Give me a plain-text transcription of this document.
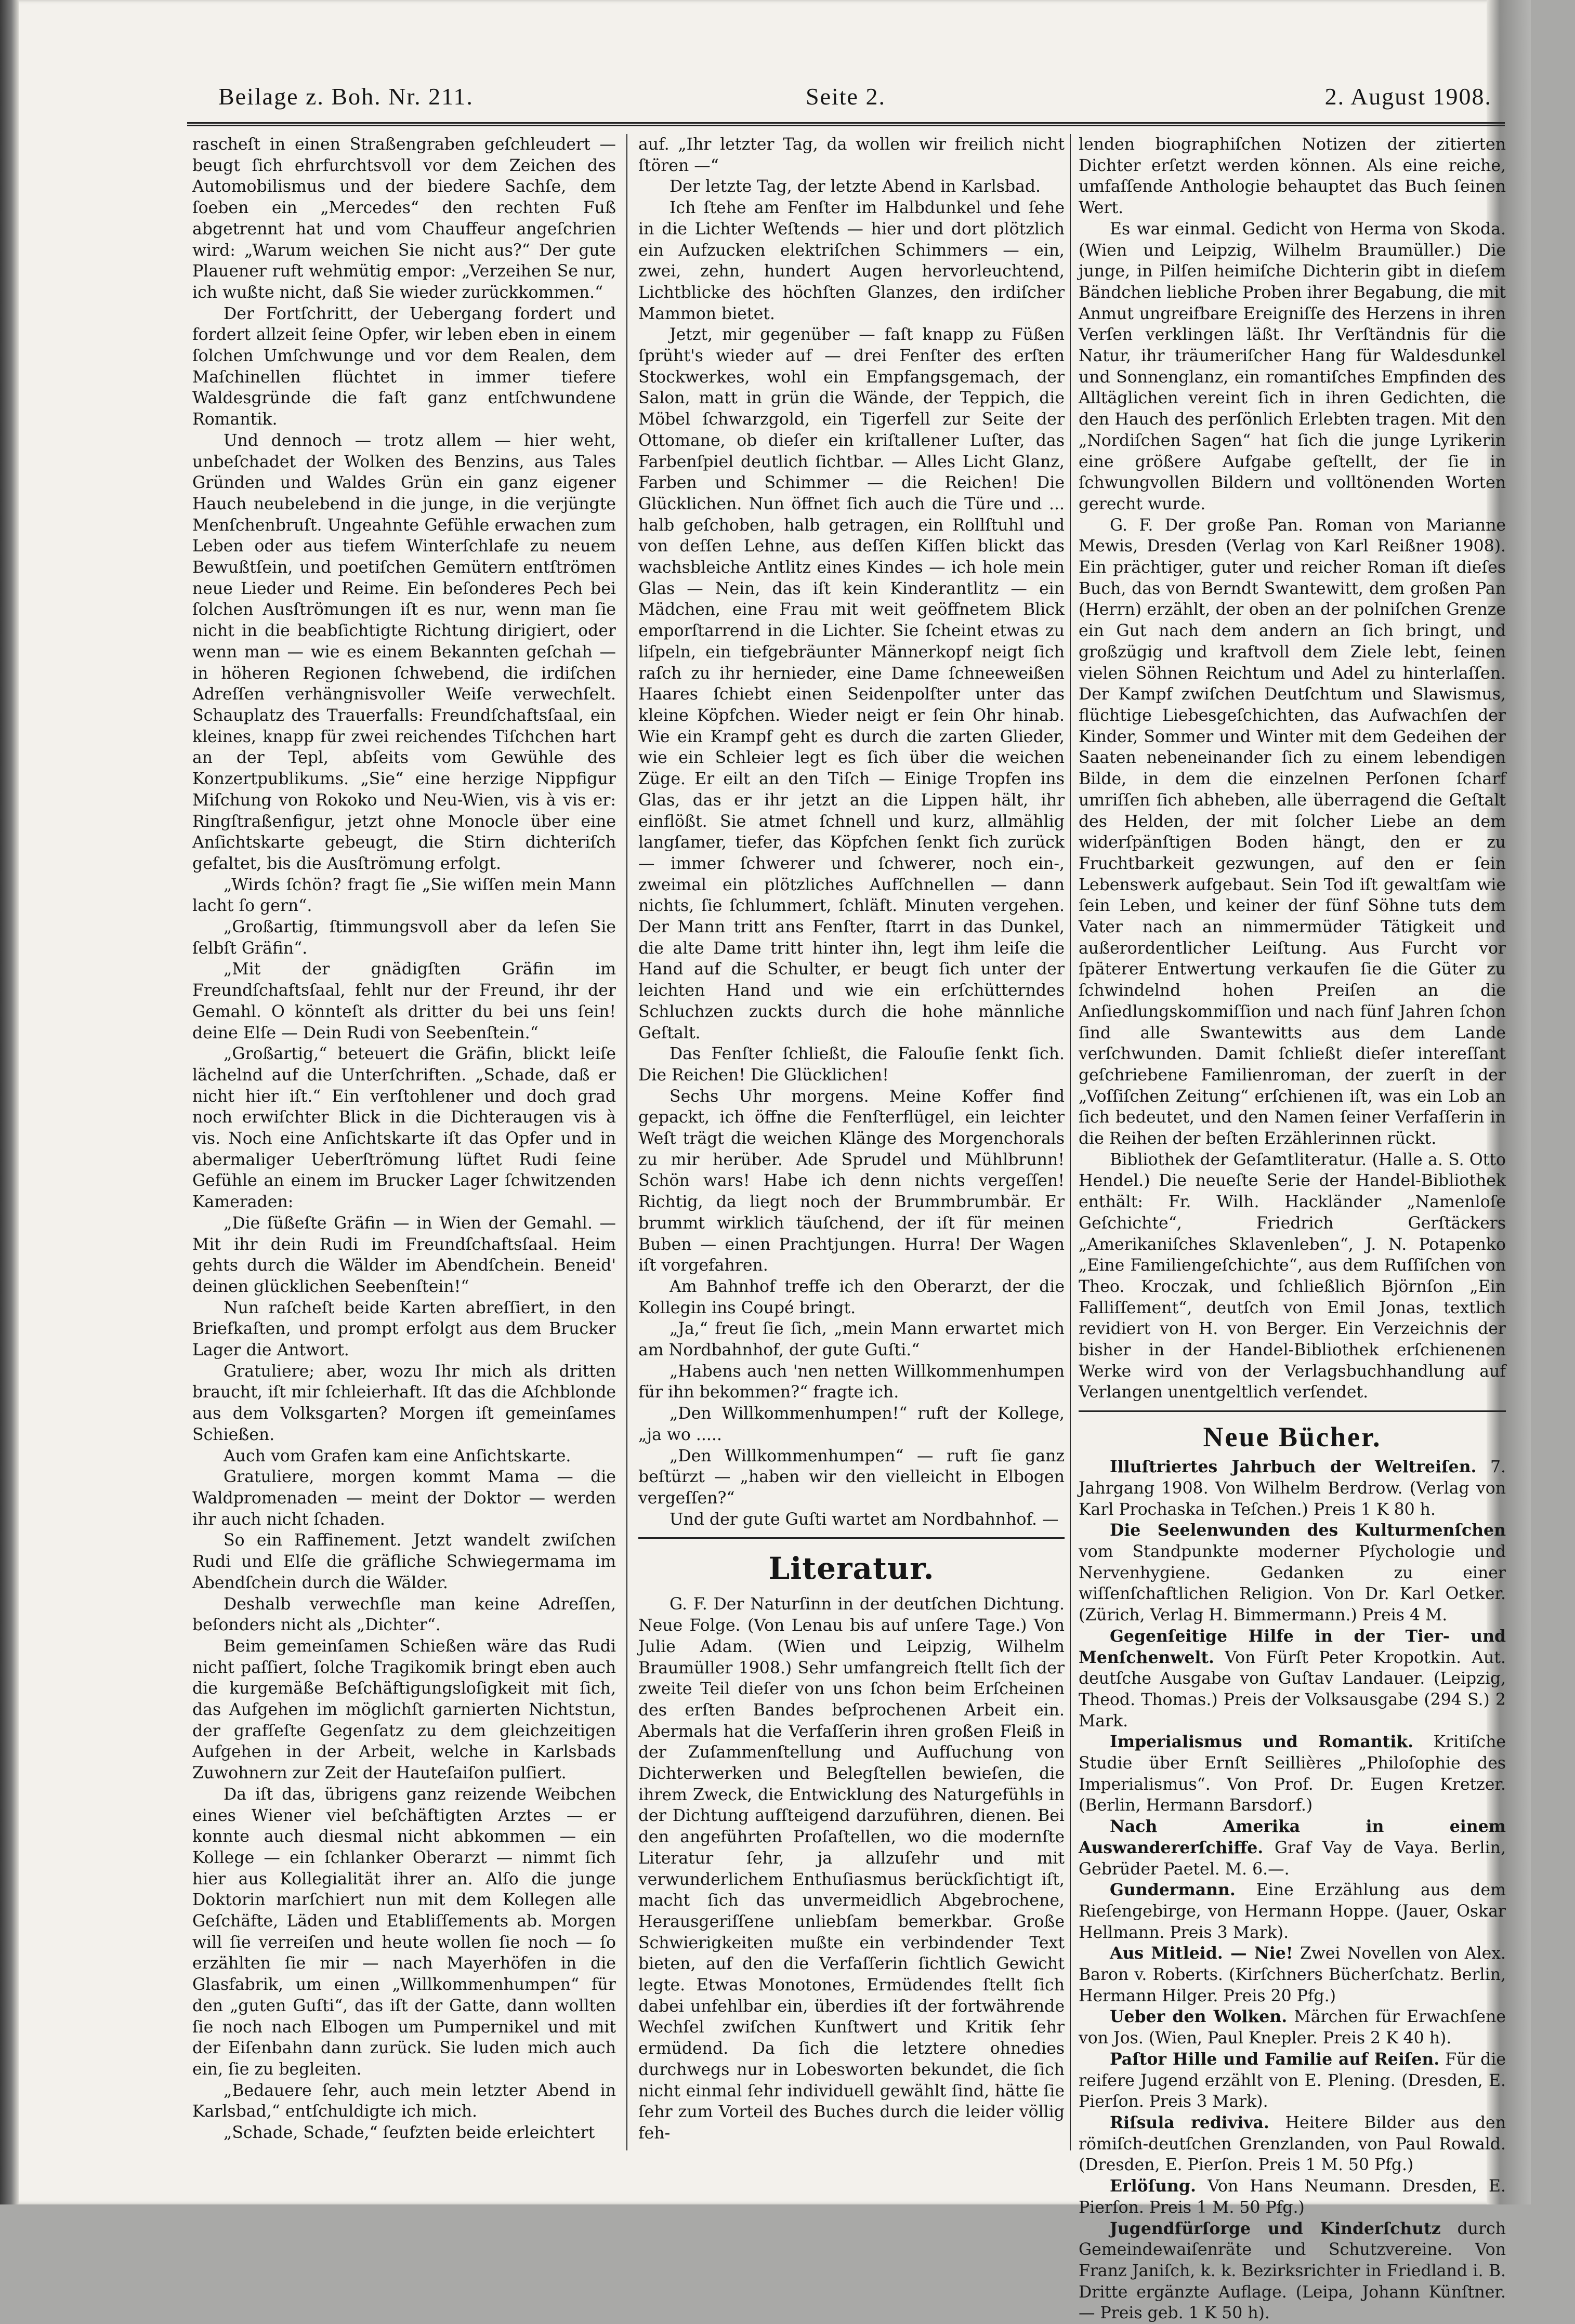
Beilage z. Boh. Nr. 211.	Seite 2.	2. August 1908.

rascheſt in einen Straßengraben geſchleudert — beugt ſich ehrfurchtsvoll vor dem Zeichen des Automobilismus und der biedere Sachſe, dem ſoeben ein „Mercedes“ den rechten Fuß abgetrennt hat und vom Chauffeur angeſchrien wird: „Warum weichen Sie nicht aus?“ Der gute Plauener ruft wehmütig empor: „Verzeihen Se nur, ich wußte nicht, daß Sie wieder zurückkommen.“

Der Fortſchritt, der Uebergang fordert und fordert allzeit ſeine Opfer, wir leben eben in einem ſolchen Umſchwunge und vor dem Realen, dem Maſchinellen flüchtet in immer tiefere Waldesgründe die faſt ganz entſchwundene Romantik.

Und dennoch — trotz allem — hier weht, unbeſchadet der Wolken des Benzins, aus Tales Gründen und Waldes Grün ein ganz eigener Hauch neubelebend in die junge, in die verjüngte Menſchenbruſt. Ungeahnte Gefühle erwachen zum Leben oder aus tiefem Winterſchlafe zu neuem Bewußtſein, und poetiſchen Gemütern entſtrömen neue Lieder und Reime. Ein beſonderes Pech bei ſolchen Ausſtrömungen iſt es nur, wenn man ſie nicht in die beabſichtigte Richtung dirigiert, oder wenn man — wie es einem Bekannten geſchah — in höheren Regionen ſchwebend, die irdiſchen Adreſſen verhängnisvoller Weiſe verwechſelt. Schauplatz des Trauerfalls: Freundſchaftsſaal, ein kleines, knapp für zwei reichendes Tiſchchen hart an der Tepl, abſeits vom Gewühle des Konzertpublikums. „Sie“ eine herzige Nippfigur Miſchung von Rokoko und Neu-Wien, vis à vis er: Ringſtraßenfigur, jetzt ohne Monocle über eine Anſichtskarte gebeugt, die Stirn dichteriſch gefaltet, bis die Ausſtrömung erfolgt.

„Wirds ſchön? fragt ſie „Sie wiſſen mein Mann lacht ſo gern“.

„Großartig, ſtimmungsvoll aber da leſen Sie ſelbſt Gräfin“.

„Mit der gnädigſten Gräfin im Freundſchaftsſaal, fehlt nur der Freund, ihr der Gemahl. O könnteſt als dritter du bei uns ſein! deine Elſe — Dein Rudi von Seebenſtein.“

„Großartig,“ beteuert die Gräfin, blickt leiſe lächelnd auf die Unterſchriften. „Schade, daß er nicht hier iſt.“ Ein verſtohlener und doch grad noch erwiſchter Blick in die Dichteraugen vis à vis. Noch eine Anſichtskarte iſt das Opfer und in abermaliger Ueberſtrömung lüftet Rudi ſeine Gefühle an einem im Brucker Lager ſchwitzenden Kameraden:

„Die ſüßeſte Gräfin — in Wien der Gemahl. — Mit ihr dein Rudi im Freundſchaftsſaal. Heim gehts durch die Wälder im Abendſchein. Beneid' deinen glücklichen Seebenſtein!“

Nun raſcheſt beide Karten abreſſiert, in den Briefkaſten, und prompt erfolgt aus dem Brucker Lager die Antwort.

Gratuliere; aber, wozu Ihr mich als dritten braucht, iſt mir ſchleierhaft. Iſt das die Aſchblonde aus dem Volksgarten? Morgen iſt gemeinſames Schießen.

Auch vom Grafen kam eine Anſichtskarte.

Gratuliere, morgen kommt Mama — die Waldpromenaden — meint der Doktor — werden ihr auch nicht ſchaden.

So ein Raffinement. Jetzt wandelt zwiſchen Rudi und Elſe die gräfliche Schwiegermama im Abendſchein durch die Wälder.

Deshalb verwechſle man keine Adreſſen, beſonders nicht als „Dichter“.

Beim gemeinſamen Schießen wäre das Rudi nicht paſſiert, ſolche Tragikomik bringt eben auch die kurgemäße Beſchäftigungsloſigkeit mit ſich, das Aufgehen im möglichſt garnierten Nichtstun, der grafſeſte Gegenſatz zu dem gleichzeitigen Aufgehen in der Arbeit, welche in Karlsbads Zuwohnern zur Zeit der Hauteſaiſon pulſiert.

Da iſt das, übrigens ganz reizende Weibchen eines Wiener viel beſchäftigten Arztes — er konnte auch diesmal nicht abkommen — ein Kollege — ein ſchlanker Oberarzt — nimmt ſich hier aus Kollegialität ihrer an. Alſo die junge Doktorin marſchiert nun mit dem Kollegen alle Geſchäfte, Läden und Etabliſſements ab. Morgen will ſie verreiſen und heute wollen ſie noch — ſo erzählten ſie mir — nach Mayerhöfen in die Glasfabrik, um einen „Willkommenhumpen“ für den „guten Guſti“, das iſt der Gatte, dann wollten ſie noch nach Elbogen um Pumpernikel und mit der Eiſenbahn dann zurück. Sie luden mich auch ein, ſie zu begleiten.

„Bedauere ſehr, auch mein letzter Abend in Karlsbad,“ entſchuldigte ich mich.

„Schade, Schade,“ ſeufzten beide erleichtert

auf. „Ihr letzter Tag, da wollen wir freilich nicht ſtören —“

Der letzte Tag, der letzte Abend in Karlsbad.

Ich ſtehe am Fenſter im Halbdunkel und ſehe in die Lichter Weſtends — hier und dort plötzlich ein Aufzucken elektriſchen Schimmers — ein, zwei, zehn, hundert Augen hervorleuchtend, Lichtblicke des höchſten Glanzes, den irdiſcher Mammon bietet.

Jetzt, mir gegenüber — faſt knapp zu Füßen ſprüht's wieder auf — drei Fenſter des erſten Stockwerkes, wohl ein Empfangsgemach, der Salon, matt in grün die Wände, der Teppich, die Möbel ſchwarzgold, ein Tigerfell zur Seite der Ottomane, ob dieſer ein kriſtallener Luſter, das Farbenſpiel deutlich ſichtbar. — Alles Licht Glanz, Farben und Schimmer — die Reichen! Die Glücklichen. Nun öffnet ſich auch die Türe und ... halb geſchoben, halb getragen, ein Rollſtuhl und von deſſen Lehne, aus deſſen Kiſſen blickt das wachsbleiche Antlitz eines Kindes — ich hole mein Glas — Nein, das iſt kein Kinderantlitz — ein Mädchen, eine Frau mit weit geöffnetem Blick emporſtarrend in die Lichter. Sie ſcheint etwas zu liſpeln, ein tiefgebräunter Männerkopf neigt ſich raſch zu ihr hernieder, eine Dame ſchneeweißen Haares ſchiebt einen Seidenpolſter unter das kleine Köpfchen. Wieder neigt er ſein Ohr hinab. Wie ein Krampf geht es durch die zarten Glieder, wie ein Schleier legt es ſich über die weichen Züge. Er eilt an den Tiſch — Einige Tropfen ins Glas, das er ihr jetzt an die Lippen hält, ihr einflößt. Sie atmet ſchnell und kurz, allmählig langſamer, tiefer, das Köpfchen ſenkt ſich zurück — immer ſchwerer und ſchwerer, noch ein-, zweimal ein plötzliches Aufſchnellen — dann nichts, ſie ſchlummert, ſchläft. Minuten vergehen. Der Mann tritt ans Fenſter, ſtarrt in das Dunkel, die alte Dame tritt hinter ihn, legt ihm leiſe die Hand auf die Schulter, er beugt ſich unter der leichten Hand und wie ein erſchütterndes Schluchzen zuckts durch die hohe männliche Geſtalt.

Das Fenſter ſchließt, die Falouſie ſenkt ſich. Die Reichen! Die Glücklichen!

Sechs Uhr morgens. Meine Koffer find gepackt, ich öffne die Fenſterflügel, ein leichter Weſt trägt die weichen Klänge des Morgenchorals zu mir herüber. Ade Sprudel und Mühlbrunn! Schön wars! Habe ich denn nichts vergeſſen! Richtig, da liegt noch der Brummbrumbär. Er brummt wirklich täuſchend, der iſt für meinen Buben — einen Prachtjungen. Hurra! Der Wagen iſt vorgefahren.

Am Bahnhof treffe ich den Oberarzt, der die Kollegin ins Coupé bringt.

„Ja,“ freut ſie ſich, „mein Mann erwartet mich am Nordbahnhof, der gute Guſti.“

„Habens auch 'nen netten Willkommenhumpen für ihn bekommen?“ fragte ich.

„Den Willkommenhumpen!“ ruft der Kollege, „ja wo .....

„Den Willkommenhumpen“ — ruft ſie ganz beſtürzt — „haben wir den vielleicht in Elbogen vergeſſen?“

Und der gute Guſti wartet am Nordbahnhof. —

Literatur.

G. F. Der Naturſinn in der deutſchen Dichtung. Neue Folge. (Von Lenau bis auf unſere Tage.) Von Julie Adam. (Wien und Leipzig, Wilhelm Braumüller 1908.) Sehr umfangreich ſtellt ſich der zweite Teil dieſer von uns ſchon beim Erſcheinen des erſten Bandes beſprochenen Arbeit ein. Abermals hat die Verfaſſerin ihren großen Fleiß in der Zuſammenſtellung und Aufſuchung von Dichterwerken und Belegſtellen bewieſen, die ihrem Zweck, die Entwicklung des Naturgefühls in der Dichtung aufſteigend darzuführen, dienen. Bei den angeführten Proſaſtellen, wo die modernſte Literatur ſehr, ja allzuſehr und mit verwunderlichem Enthuſiasmus berückſichtigt iſt, macht ſich das unvermeidlich Abgebrochene, Herausgeriſſene unliebſam bemerkbar. Große Schwierigkeiten mußte ein verbindender Text bieten, auf den die Verfaſſerin ſichtlich Gewicht legte. Etwas Monotones, Ermüdendes ſtellt ſich dabei unfehlbar ein, überdies iſt der fortwährende Wechſel zwiſchen Kunſtwert und Kritik ſehr ermüdend. Da ſich die letztere ohnedies durchwegs nur in Lobesworten bekundet, die ſich nicht einmal ſehr individuell gewählt ſind, hätte ſie ſehr zum Vorteil des Buches durch die leider völlig feh-

lenden biographiſchen Notizen der zitierten Dichter erſetzt werden können. Als eine reiche, umfaſſende Anthologie behauptet das Buch ſeinen Wert.

Es war einmal. Gedicht von Herma von Skoda. (Wien und Leipzig, Wilhelm Braumüller.) Die junge, in Pilſen heimiſche Dichterin gibt in dieſem Bändchen liebliche Proben ihrer Begabung, die mit Anmut ungreifbare Ereigniſſe des Herzens in ihren Verſen verklingen läßt. Ihr Verſtändnis für die Natur, ihr träumeriſcher Hang für Waldesdunkel und Sonnenglanz, ein romantiſches Empfinden des Alltäglichen vereint ſich in ihren Gedichten, die den Hauch des perſönlich Erlebten tragen. Mit den „Nordiſchen Sagen“ hat ſich die junge Lyrikerin eine größere Aufgabe geſtellt, der ſie in ſchwungvollen Bildern und volltönenden Worten gerecht wurde.

G. F. Der große Pan. Roman von Marianne Mewis, Dresden (Verlag von Karl Reißner 1908). Ein prächtiger, guter und reicher Roman iſt dieſes Buch, das von Berndt Swantewitt, dem großen Pan (Herrn) erzählt, der oben an der polniſchen Grenze ein Gut nach dem andern an ſich bringt, und großzügig und kraftvoll dem Ziele lebt, ſeinen vielen Söhnen Reichtum und Adel zu hinterlaſſen. Der Kampf zwiſchen Deutſchtum und Slawismus, flüchtige Liebesgeſchichten, das Aufwachſen der Kinder, Sommer und Winter mit dem Gedeihen der Saaten nebeneinander ſich zu einem lebendigen Bilde, in dem die einzelnen Perſonen ſcharf umriſſen ſich abheben, alle überragend die Geſtalt des Helden, der mit ſolcher Liebe an dem widerſpänſtigen Boden hängt, den er zu Fruchtbarkeit gezwungen, auf den er ſein Lebenswerk aufgebaut. Sein Tod iſt gewaltſam wie ſein Leben, und keiner der fünf Söhne tuts dem Vater nach an nimmermüder Tätigkeit und außerordentlicher Leiſtung. Aus Furcht vor ſpäterer Entwertung verkaufen ſie die Güter zu ſchwindelnd hohen Preiſen an die Anſiedlungskommiſſion und nach fünf Jahren ſchon ſind alle Swantewitts aus dem Lande verſchwunden. Damit ſchließt dieſer intereſſant geſchriebene Familienroman, der zuerſt in der „Voſſiſchen Zeitung“ erſchienen iſt, was ein Lob an ſich bedeutet, und den Namen ſeiner Verfaſſerin in die Reihen der beſten Erzählerinnen rückt.

Bibliothek der Geſamtliteratur. (Halle a. S. Otto Hendel.) Die neueſte Serie der Handel-Bibliothek enthält: Fr. Wilh. Hackländer „Namenloſe Geſchichte“, Friedrich Gerſtäckers „Amerikaniſches Sklavenleben“, J. N. Potapenko „Eine Familiengeſchichte“, aus dem Ruſſiſchen von Theo. Kroczak, und ſchließlich Björnſon „Ein Falliſſement“, deutſch von Emil Jonas, textlich revidiert von H. von Berger. Ein Verzeichnis der bisher in der Handel-Bibliothek erſchienenen Werke wird von der Verlagsbuchhandlung auf Verlangen unentgeltlich verſendet.

Neue Bücher.

Illuſtriertes Jahrbuch der Weltreiſen. 7. Jahrgang 1908. Von Wilhelm Berdrow. (Verlag von Karl Prochaska in Teſchen.) Preis 1 K 80 h.

Die Seelenwunden des Kulturmenſchen vom Standpunkte moderner Pſychologie und Nervenhygiene. Gedanken zu einer wiſſenſchaftlichen Religion. Von Dr. Karl Oetker. (Zürich, Verlag H. Bimmermann.) Preis 4 M.

Gegenſeitige Hilfe in der Tier- und Menſchenwelt. Von Fürſt Peter Kropotkin. Aut. deutſche Ausgabe von Guſtav Landauer. (Leipzig, Theod. Thomas.) Preis der Volksausgabe (294 S.) 2 Mark.

Imperialismus und Romantik. Kritiſche Studie über Ernſt Seillières „Philoſophie des Imperialismus“. Von Prof. Dr. Eugen Kretzer. (Berlin, Hermann Barsdorf.)

Nach Amerika in einem Auswandererſchiffe. Graf Vay de Vaya. Berlin, Gebrüder Paetel. M. 6.—.

Gundermann. Eine Erzählung aus dem Rieſengebirge, von Hermann Hoppe. (Jauer, Oskar Hellmann. Preis 3 Mark).

Aus Mitleid. — Nie! Zwei Novellen von Alex. Baron v. Roberts. (Kirſchners Bücherſchatz. Berlin, Hermann Hilger. Preis 20 Pfg.)

Ueber den Wolken. Märchen für Erwachſene von Jos. (Wien, Paul Knepler. Preis 2 K 40 h).

Paſtor Hille und Familie auf Reiſen. Für die reifere Jugend erzählt von E. Plening. (Dresden, E. Pierſon. Preis 3 Mark).

Riſsula rediviva. Heitere Bilder aus den römiſch-deutſchen Grenzlanden, von Paul Rowald. (Dresden, E. Pierſon. Preis 1 M. 50 Pfg.)

Erlöſung. Von Hans Neumann. Dresden, E. Pierſon. Preis 1 M. 50 Pfg.)

Jugendfürſorge und Kinderſchutz durch Gemeindewaiſenräte und Schutzvereine. Von Franz Janiſch, k. k. Bezirksrichter in Friedland i. B. Dritte ergänzte Auflage. (Leipa, Johann Künſtner. — Preis geb. 1 K 50 h).
